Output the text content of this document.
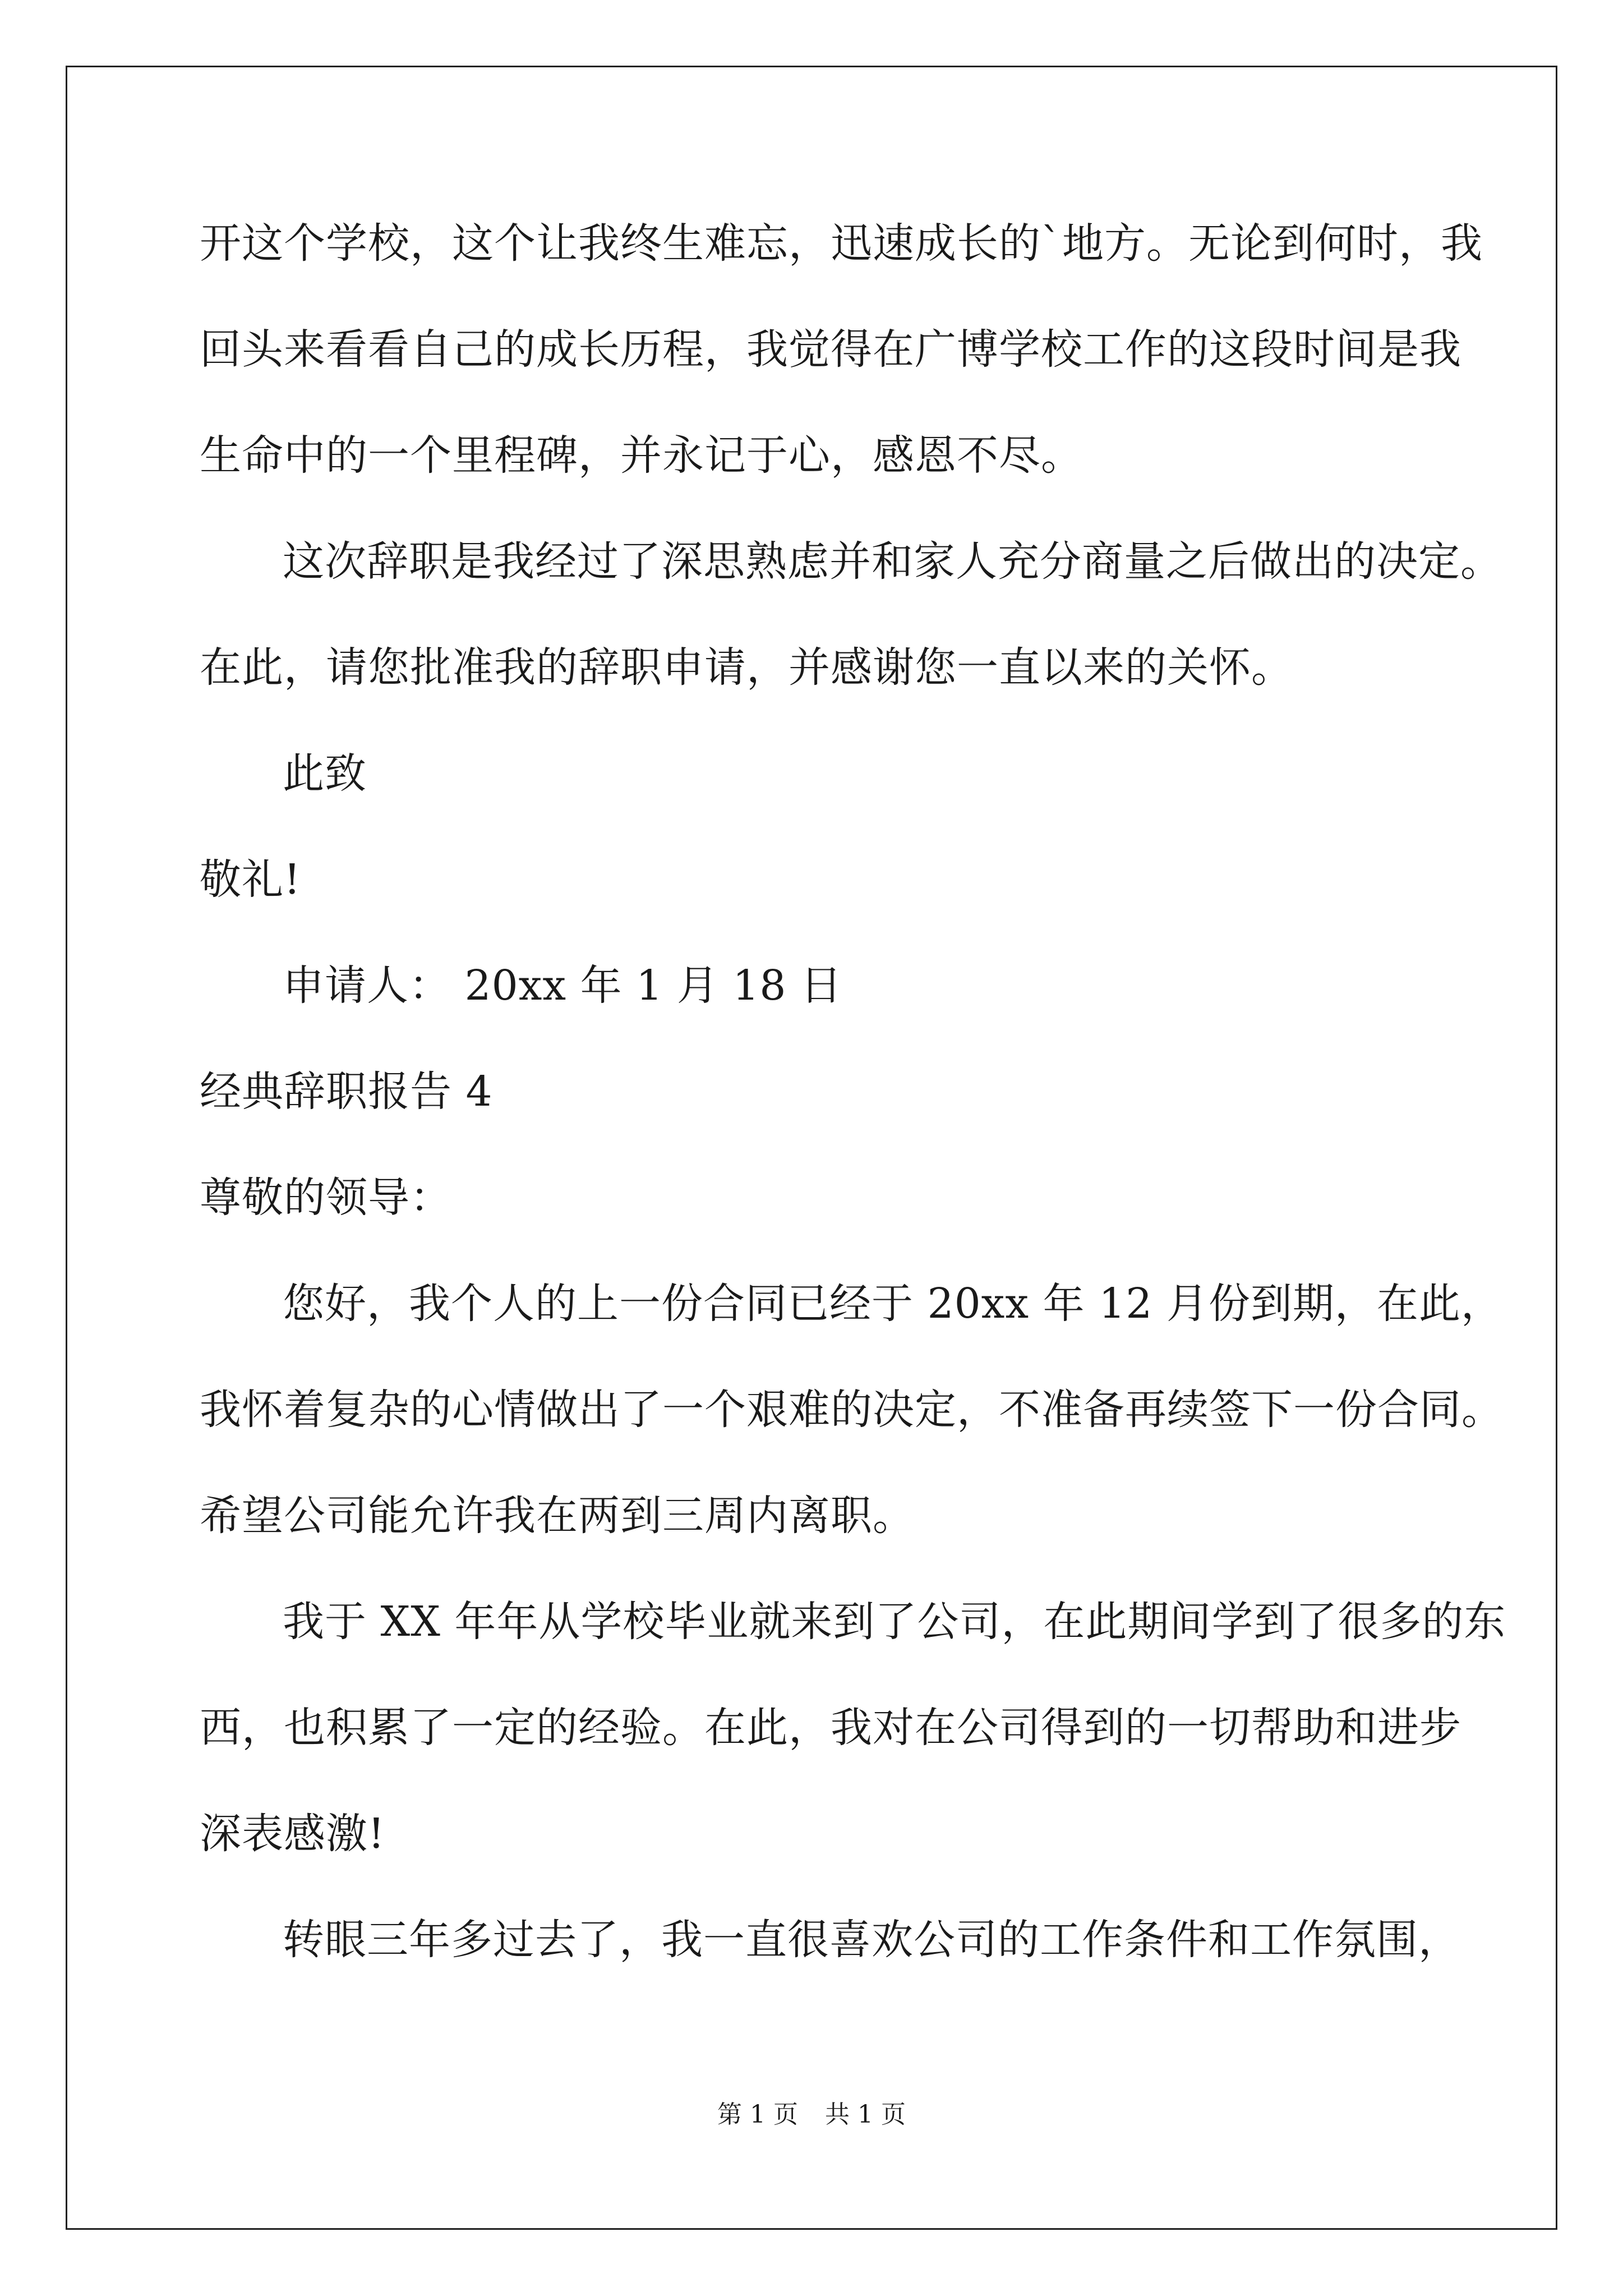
开这个学校，这个让我终生难忘，迅速成长的`地方。无论到何时，我

回头来看看自己的成长历程，我觉得在广博学校工作的这段时间是我

生命中的一个里程碑，并永记于心，感恩不尽。

这次辞职是我经过了深思熟虑并和家人充分商量之后做出的决定。

在此，请您批准我的辞职申请，并感谢您一直以来的关怀。

此致

敬礼!

申请人： 20xx 年 1 月 18 日

经典辞职报告 4

尊敬的领导：

您好，我个人的上一份合同已经于 20xx 年 12 月份到期，在此，

我怀着复杂的心情做出了一个艰难的决定，不准备再续签下一份合同。

希望公司能允许我在两到三周内离职。

我于 XX 年年从学校毕业就来到了公司，在此期间学到了很多的东

西，也积累了一定的经验。在此，我对在公司得到的一切帮助和进步

深表感激!

转眼三年多过去了，我一直很喜欢公司的工作条件和工作氛围，

第 1 页 共 1 页
